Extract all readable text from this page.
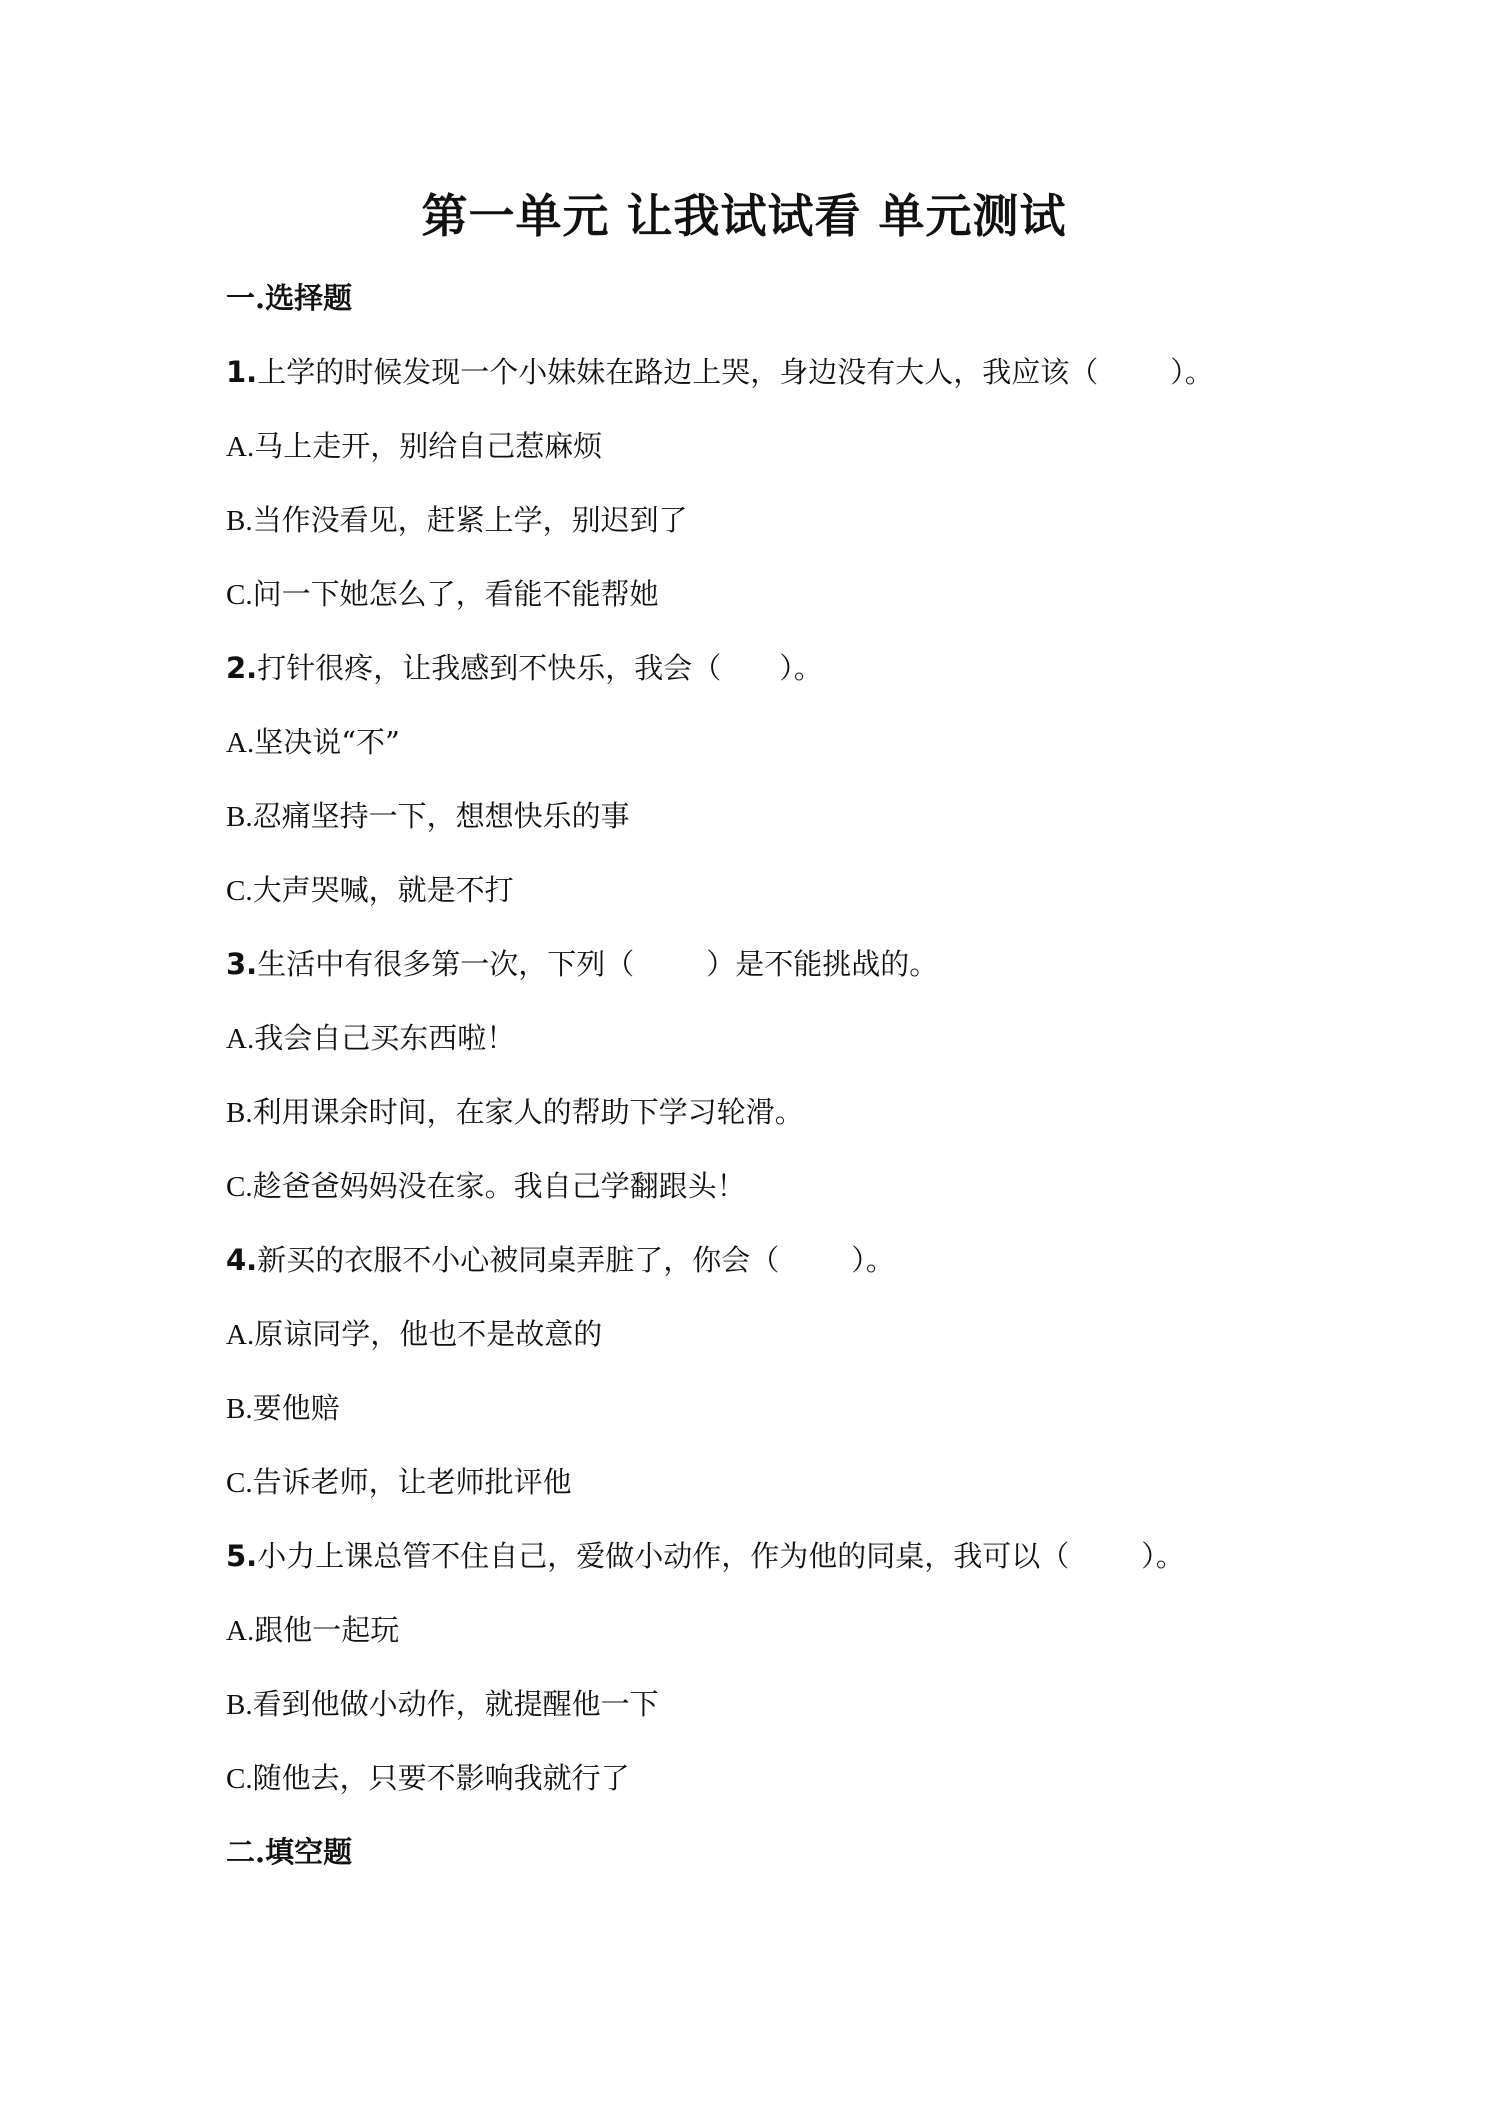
第一单元 让我试试看 单元测试
一.选择题
1.上学的时候发现一个小妹妹在路边上哭，身边没有大人，我应该（ ）。
A.马上走开，别给自己惹麻烦
B.当作没看见，赶紧上学，别迟到了
C.问一下她怎么了，看能不能帮她
2.打针很疼，让我感到不快乐，我会（ ）。
A.坚决说“不”
B.忍痛坚持一下，想想快乐的事
C.大声哭喊，就是不打
3.生活中有很多第一次，下列（ ）是不能挑战的。
A.我会自己买东西啦！
B.利用课余时间，在家人的帮助下学习轮滑。
C.趁爸爸妈妈没在家。我自己学翻跟头！
4.新买的衣服不小心被同桌弄脏了，你会（ ）。
A.原谅同学，他也不是故意的
B.要他赔
C.告诉老师，让老师批评他
5.小力上课总管不住自己，爱做小动作，作为他的同桌，我可以（ ）。
A.跟他一起玩
B.看到他做小动作，就提醒他一下
C.随他去，只要不影响我就行了
二.填空题
